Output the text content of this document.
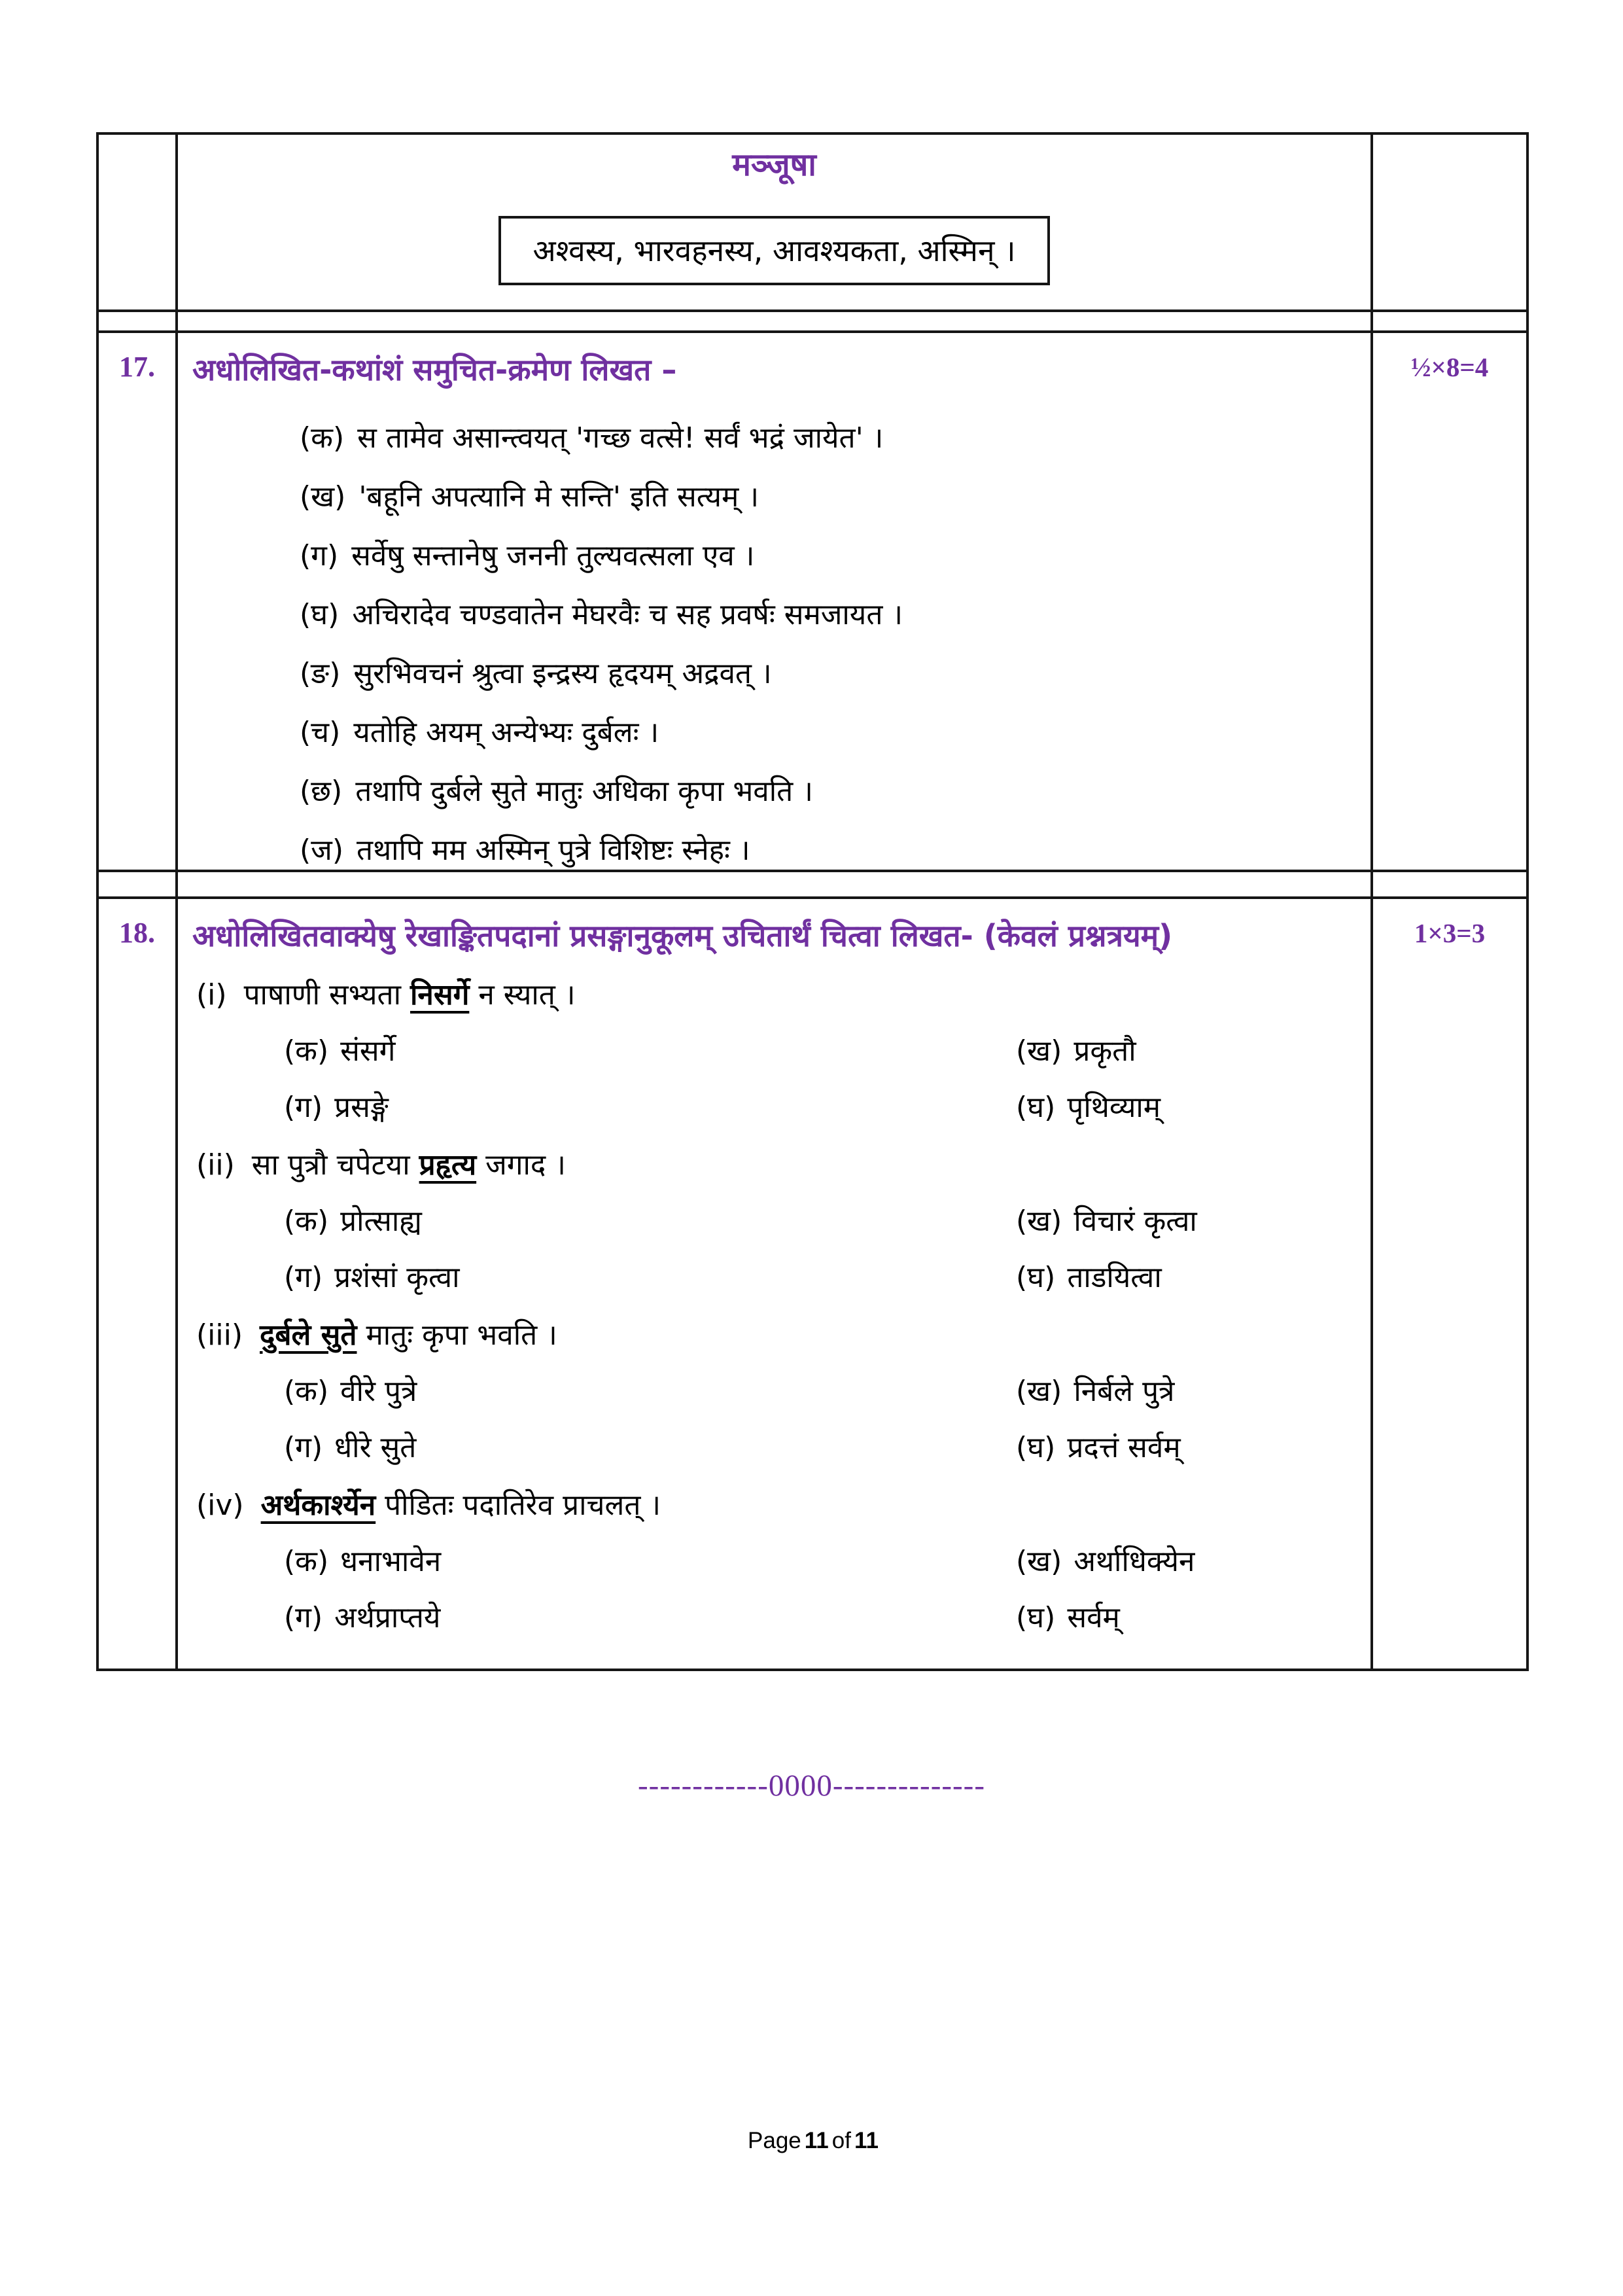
	मञ्जूषा
अश्वस्य, भारवहनस्य, आवश्यकता, अस्मिन् ।	

17.	अधोलिखित-कथांशं समुचित-क्रमेण लिखत –
(क) स तामेव असान्त्वयत् 'गच्छ वत्से! सर्वं भद्रं जायेत' ।
(ख) 'बहूनि अपत्यानि मे सन्ति' इति सत्यम् ।
(ग) सर्वेषु सन्तानेषु जननी तुल्यवत्सला एव ।
(घ) अचिरादेव चण्डवातेन मेघरवैः च सह प्रवर्षः समजायत ।
(ङ) सुरभिवचनं श्रुत्वा इन्द्रस्य हृदयम् अद्रवत् ।
(च) यतोहि अयम् अन्येभ्यः दुर्बलः ।
(छ) तथापि दुर्बले सुते मातुः अधिका कृपा भवति ।
(ज) तथापि मम अस्मिन् पुत्रे विशिष्टः स्नेहः ।
	½×8=4

18.	अधोलिखितवाक्येषु रेखाङ्कितपदानां प्रसङ्गानुकूलम् उचितार्थं चित्वा लिखत- (केवलं प्रश्नत्रयम्)
(i) पाषाणी सभ्यता निसर्गे न स्यात् ।
(क) संसर्गे	(ख) प्रकृतौ
(ग) प्रसङ्गे	(घ) पृथिव्याम्
(ii) सा पुत्रौ चपेटया प्रहृत्य जगाद ।
(क) प्रोत्साह्य	(ख) विचारं कृत्वा
(ग) प्रशंसां कृत्वा	(घ) ताडयित्वा
(iii) दुर्बले सुते मातुः कृपा भवति ।
(क) वीरे पुत्रे	(ख) निर्बले पुत्रे
(ग) धीरे सुते	(घ) प्रदत्तं सर्वम्
(iv) अर्थकार्श्येन पीडितः पदातिरेव प्राचलत् ।
(क) धनाभावेन	(ख) अर्थाधिक्येन
(ग) अर्थप्राप्तये	(घ) सर्वम्
	1×3=3
------------0000--------------
Page 11 of 11
